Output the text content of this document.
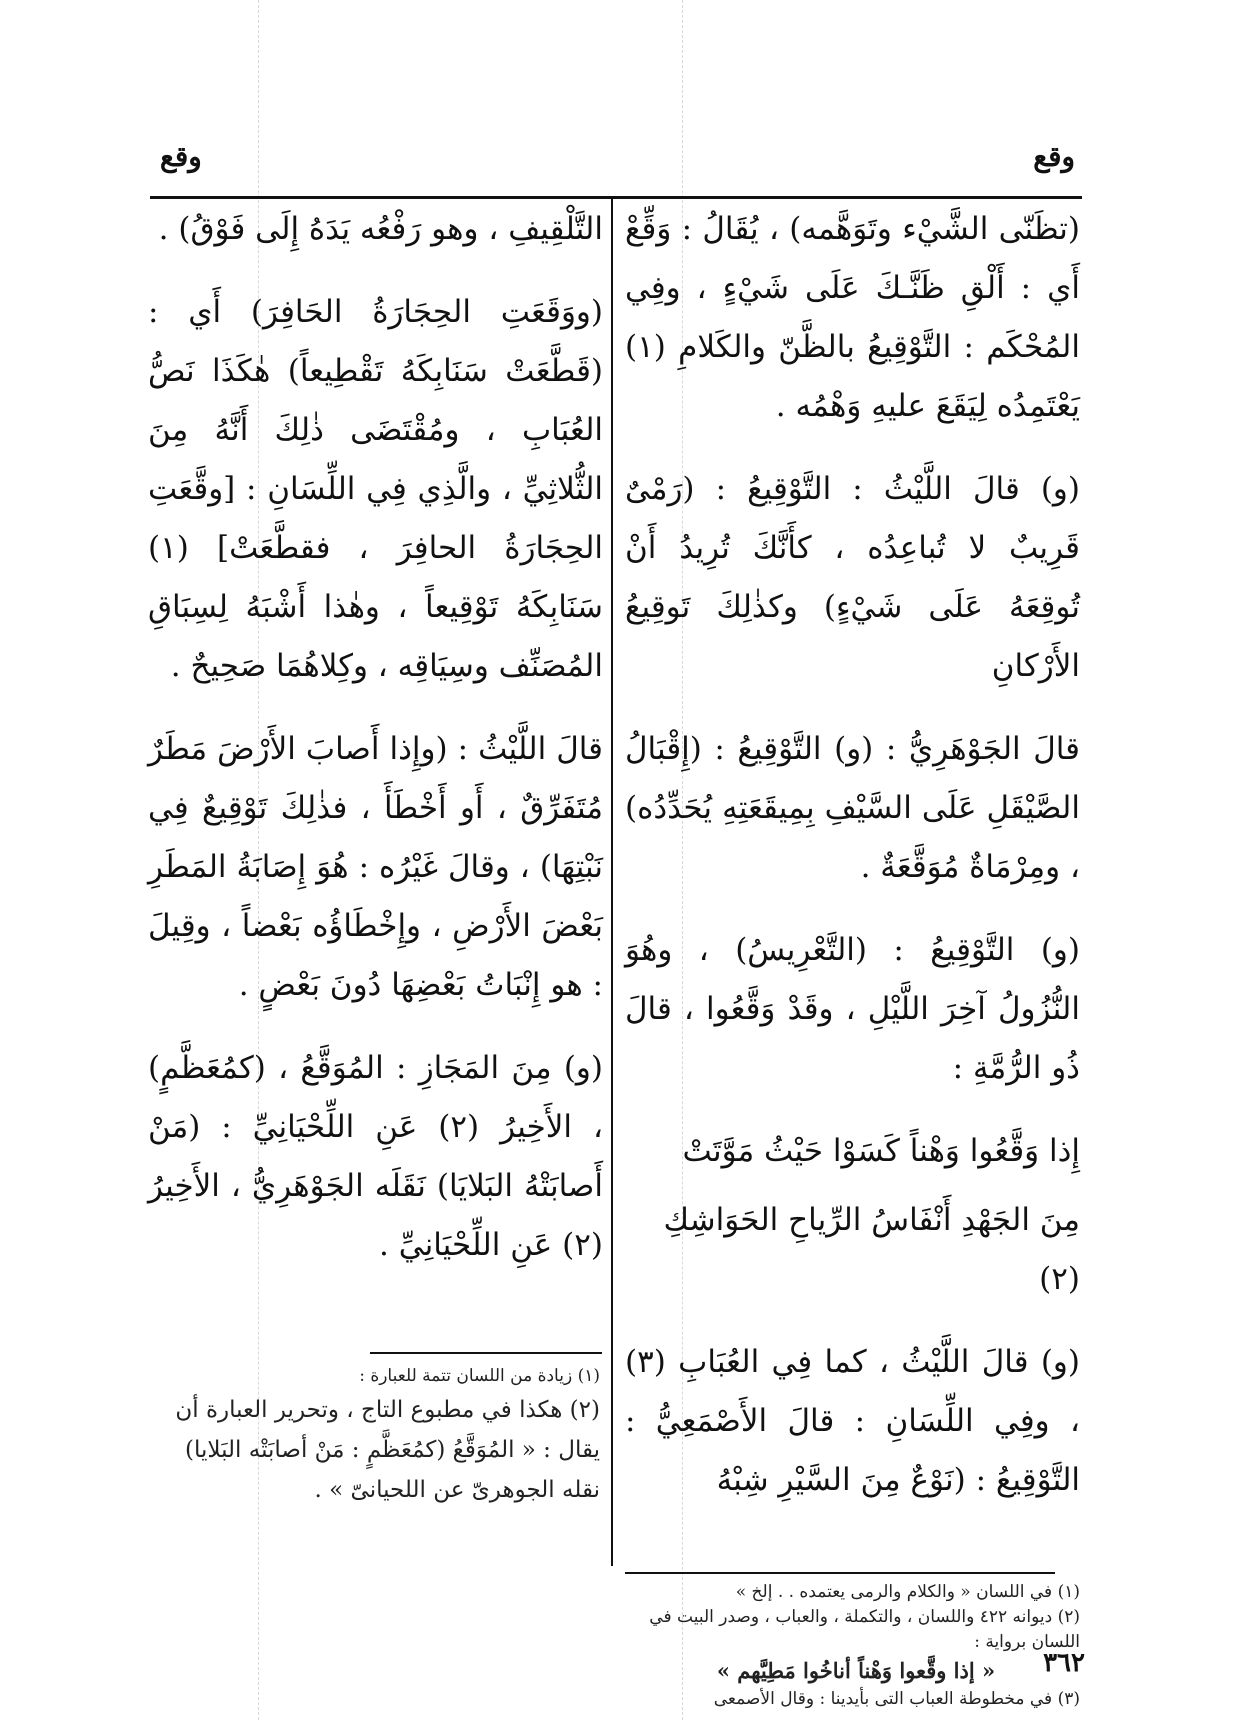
وقع
وقع

(تظَنّى الشَّيْء وتَوَهَّمه) ، يُقَالُ : وَقِّعْ أَي : أَلْقِ ظَنَّـكَ عَلَى شَيْءٍ ، وفِي المُحْكَم : التَّوْقِيعُ بالظَّنّ والكَلامِ (١) يَعْتَمِدُه لِيَقَعَ عليهِ وَهْمُه .

(و) قالَ اللَّيْثُ : التَّوْقِيعُ : (رَمْىٌ قَرِيبٌ لا تُباعِدُه ، كأَنَّكَ تُرِيدُ أَنْ تُوقِعَهُ عَلَى شَيْءٍ) وكذٰلِكَ تَوقِيعُ الأَرْكانِ

قالَ الجَوْهَرِيُّ : (و) التَّوْقِيعُ : (إِقْبَالُ الصَّيْقَلِ عَلَى السَّيْفِ بِمِيقَعَتِهِ يُحَدِّدُه) ، ومِرْمَاةٌ مُوَقَّعَةٌ .

(و) التَّوْقِيعُ : (التَّعْرِيسُ) ، وهُوَ النُّزُولُ آخِرَ اللَّيْلِ ، وقَدْ وَقَّعُوا ، قالَ ذُو الرُّمَّةِ :

إِذا وَقَّعُوا وَهْناً كَسَوْا حَيْثُ مَوَّتَتْ

مِنَ الجَهْدِ أَنْفَاسُ الرِّياحِ الحَوَاشِكِ (٢)

(و) قالَ اللَّيْثُ ، كما فِي العُبَابِ (٣) ، وفِي اللِّسَانِ : قالَ الأَصْمَعِيُّ : التَّوْقِيعُ : (نَوْعٌ مِنَ السَّيْرِ شِبْهُ

التَّلْقِيفِ ، وهو رَفْعُه يَدَهُ إِلَى فَوْقُ) .

(ووَقَعَتِ الحِجَارَةُ الحَافِرَ) أَي : (قَطَّعَتْ سَنَابِكَهُ تَقْطِيعاً) هٰكَذَا نَصُّ العُبَابِ ، ومُقْتَضَى ذٰلِكَ أَنَّهُ مِنَ الثُّلاثِيِّ ، والَّذِي فِي اللِّسَانِ : [وقَّعَتِ الحِجَارَةُ الحافِرَ ، فقطَّعَتْ] (١) سَنَابِكَهُ تَوْقِيعاً ، وهٰذا أَشْبَهُ لِسِبَاقِ المُصَنِّف وسِيَاقِه ، وكِلاهُمَا صَحِيحٌ .

قالَ اللَّيْثُ : (وإِذا أَصابَ الأَرْضَ مَطَرٌ مُتَفَرِّقٌ ، أَو أَخْطَأَ ، فذٰلِكَ تَوْقِيعٌ فِي نَبْتِهَا) ، وقالَ غَيْرُه : هُوَ إِصَابَةُ المَطَرِ بَعْضَ الأَرْضِ ، وإِخْطَاؤُه بَعْضاً ، وقِيلَ : هو إِنْبَاتُ بَعْضِهَا دُونَ بَعْضٍ .

(و) مِنَ المَجَازِ : المُوَقَّعُ ، (كمُعَظَّمٍ) ، الأَخِيرُ (٢) عَنِ اللِّحْيَانِيِّ : (مَنْ أَصابَتْهُ البَلايَا) نَقَلَه الجَوْهَرِيُّ ، الأَخِيرُ (٢) عَنِ اللِّحْيَانِيِّ .

(١) زيادة من اللسان تتمة للعبارة :
(٢) هكذا في مطبوع التاج ، وتحرير العبارة أن يقال : « المُوَقَّعُ (كمُعَظَّمٍ : مَنْ أصابَتْه البَلايا) نقله الجوهرىّ عن اللحيانىّ » .
(١) في اللسان « والكلام والرمى يعتمده . . إلخ »
(٢) ديوانه ٤٢٢ واللسان ، والتكملة ، والعباب ، وصدر البيت في اللسان برواية :
« إذا وقَّعوا وَهْناً أناخُوا مَطِيَّهم »
(٣) في مخطوطة العباب التى بأيدينا : وقال الأصمعى
٣٦٢
